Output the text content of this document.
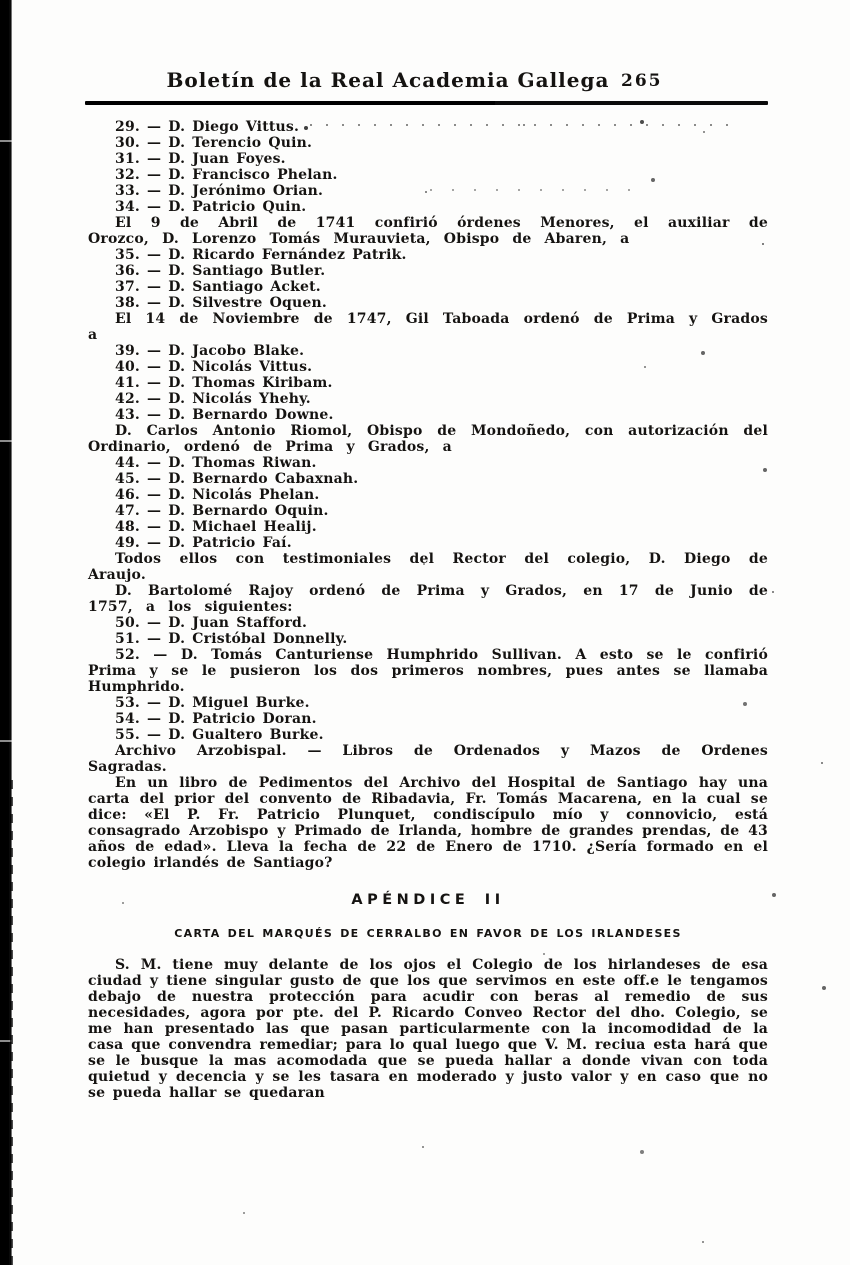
Boletín de la Real Academia Gallega 265
29. — D. Diego Vittus.
30. — D. Terencio Quin.
31. — D. Juan Foyes.
32. — D. Francisco Phelan.
33. — D. Jerónimo Orian.
34. — D. Patricio Quin.
El 9 de Abril de 1741 confirió órdenes Menores, el auxiliar de Orozco, D. Lorenzo Tomás Murauvieta, Obispo de Abaren, a
35. — D. Ricardo Fernández Patrik.
36. — D. Santiago Butler.
37. — D. Santiago Acket.
38. — D. Silvestre Oquen.
El 14 de Noviembre de 1747, Gil Taboada ordenó de Prima y Grados a
39. — D. Jacobo Blake.
40. — D. Nicolás Vittus.
41. — D. Thomas Kiribam.
42. — D. Nicolás Yhehy.
43. — D. Bernardo Downe.
D. Carlos Antonio Riomol, Obispo de Mondoñedo, con autorización del Ordinario, ordenó de Prima y Grados, a
44. — D. Thomas Riwan.
45. — D. Bernardo Cabaxnah.
46. — D. Nicolás Phelan.
47. — D. Bernardo Oquin.
48. — D. Michael Healij.
49. — D. Patricio Faí.
Todos ellos con testimoniales del Rector del colegio, D. Diego de Araujo.
D. Bartolomé Rajoy ordenó de Prima y Grados, en 17 de Junio de 1757, a los siguientes:
50. — D. Juan Stafford.
51. — D. Cristóbal Donnelly.
52. — D. Tomás Canturiense Humphrido Sullivan. A esto se le confirió Prima y se le pusieron los dos primeros nombres, pues antes se llamaba Humphrido.
53. — D. Miguel Burke.
54. — D. Patricio Doran.
55. — D. Gualtero Burke.
Archivo Arzobispal. — Libros de Ordenados y Mazos de Ordenes Sagradas.
En un libro de Pedimentos del Archivo del Hospital de Santiago hay una carta del prior del convento de Ribadavia, Fr. Tomás Macarena, en la cual se dice: «El P. Fr. Patricio Plunquet, condiscípulo mío y connovicio, está consagrado Arzobispo y Primado de Irlanda, hombre de grandes prendas, de 43 años de edad». Lleva la fecha de 22 de Enero de 1710. ¿Sería formado en el colegio irlandés de Santiago?
APÉNDICE II
CARTA DEL MARQUÉS DE CERRALBO EN FAVOR DE LOS IRLANDESES
S. M. tiene muy delante de los ojos el Colegio de los hirlandeses de esa ciudad y tiene singular gusto de que los que servimos en este off.e le tengamos debajo de nuestra protección para acudir con beras al remedio de sus necesidades, agora por pte. del P. Ricardo Conveo Rector del dho. Colegio, se me han presentado las que pasan particularmente con la incomodidad de la casa que convendra remediar; para lo qual luego que V. M. reciua esta hará que se le busque la mas acomodada que se pueda hallar a donde vivan con toda quietud y decencia y se les tasara en moderado y justo valor y en caso que no se pueda hallar se quedaran
